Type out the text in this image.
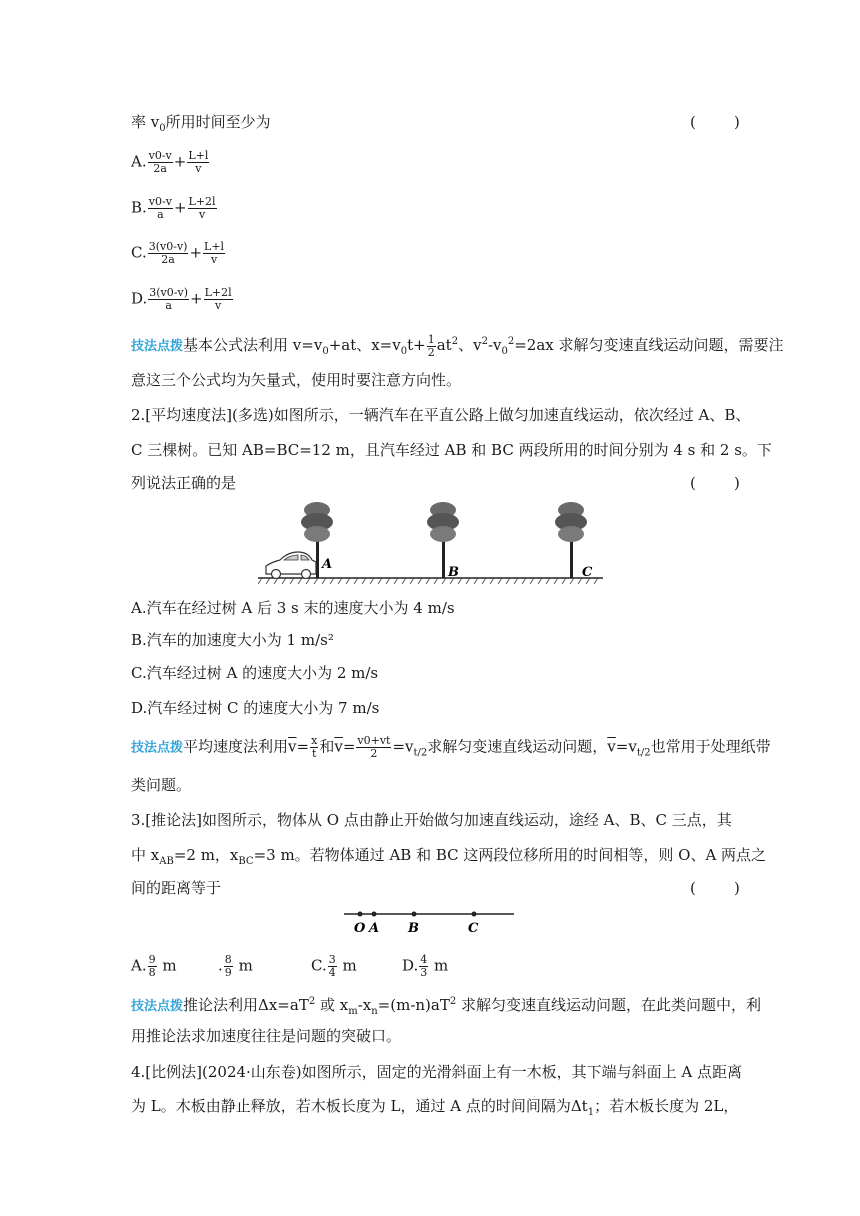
率 $v_0$所用时间至少为	(        )
A. $\frac{v0-v}{2a} + \frac{L+l}{v}$
B. $\frac{v0-v}{a} + \frac{L+2l}{v}$
C. $\frac{3(v0-v)}{2a} + \frac{L+l}{v}$
D. $\frac{3(v0-v)}{a} + \frac{L+2l}{v}$
技法点拨基本公式法利用 $v=v_0+at$、$x=v_0t+ \frac{1}{2} at^2$、$v^2-v_0^2=2ax$ 求解匀变速直线运动问题，需要注
意这三个公式均为矢量式，使用时要注意方向性。
2.[平均速度法](多选)如图所示，一辆汽车在平直公路上做匀加速直线运动，依次经过 A、B、
C 三棵树。已知 AB=BC=12 m，且汽车经过 AB 和 BC 两段所用的时间分别为 4 s 和 2 s。下
列说法正确的是	(        )
A
B	C
A.汽车在经过树 A 后 3 s 末的速度大小为 4 m/s
B.汽车的加速度大小为 1 m/s²
C.汽车经过树 A 的速度大小为 2 m/s
D.汽车经过树 C 的速度大小为 7 m/s
技法点拨平均速度法利用$\overline{v}= \frac{x}{t}$ 和$\overline{v}= \frac{v0+vt}{2} =v_{t/2}$求解匀变速直线运动问题，$\overline{v}=v_{t/2}$也常用于处理纸带
类问题。
3.[推论法]如图所示，物体从 O 点由静止开始做匀加速直线运动，途经 A、B、C 三点，其
中 $x_{AB}=2$ m，$x_{BC}=3$ m。若物体通过 AB 和 BC 这两段位移所用的时间相等，则 O、A 两点之
间的距离等于	(        )
O A B	C
A. $\frac{9}{8}$ m	. $\frac{8}{9}$ m	C. $\frac{3}{4}$ m	D. $\frac{4}{3}$ m
技法点拨推论法利用$\Delta x=aT^2$ 或 $x_m-x_n=(m-n)aT^2$ 求解匀变速直线运动问题，在此类问题中，利
用推论法求加速度往往是问题的突破口。
4.[比例法](2024·山东卷)如图所示，固定的光滑斜面上有一木板，其下端与斜面上 A 点距离
为 L。木板由静止释放，若木板长度为 L，通过 A 点的时间间隔为$\Delta t_1$；若木板长度为 2L，
